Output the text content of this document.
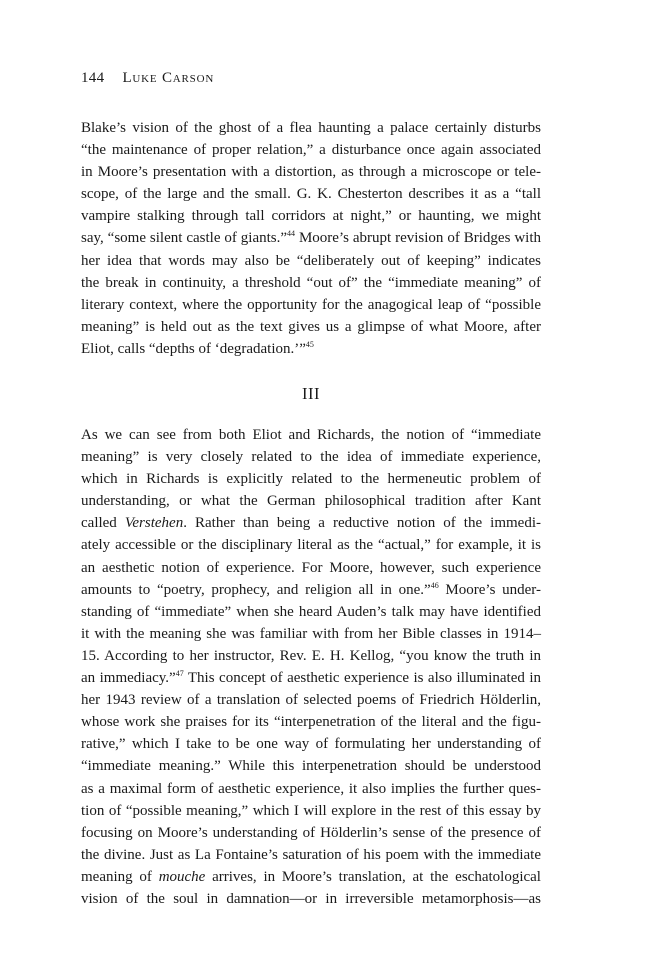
144 Luke Carson
Blake’s vision of the ghost of a flea haunting a palace certainly disturbs
“the maintenance of proper relation,” a disturbance once again associated
in Moore’s presentation with a distortion, as through a microscope or tele-
scope, of the large and the small. G. K. Chesterton describes it as a “tall
vampire stalking through tall corridors at night,” or haunting, we might
say, “some silent castle of giants.”$^{44}$ Moore’s abrupt revision of Bridges with
her idea that words may also be “deliberately out of keeping” indicates
the break in continuity, a threshold “out of” the “immediate meaning” of
literary context, where the opportunity for the anagogical leap of “possible
meaning” is held out as the text gives us a glimpse of what Moore, after
Eliot, calls “depths of ‘degradation.’”$^{45}$
III
As we can see from both Eliot and Richards, the notion of “immediate
meaning” is very closely related to the idea of immediate experience,
which in Richards is explicitly related to the hermeneutic problem of
understanding, or what the German philosophical tradition after Kant
called Verstehen. Rather than being a reductive notion of the immedi-
ately accessible or the disciplinary literal as the “actual,” for example, it is
an aesthetic notion of experience. For Moore, however, such experience
amounts to “poetry, prophecy, and religion all in one.”$^{46}$ Moore’s under-
standing of “immediate” when she heard Auden’s talk may have identified
it with the meaning she was familiar with from her Bible classes in 1914–
15. According to her instructor, Rev. E. H. Kellog, “you know the truth in
an immediacy.”$^{47}$ This concept of aesthetic experience is also illuminated in
her 1943 review of a translation of selected poems of Friedrich Hölderlin,
whose work she praises for its “interpenetration of the literal and the figu-
rative,” which I take to be one way of formulating her understanding of
“immediate meaning.” While this interpenetration should be understood
as a maximal form of aesthetic experience, it also implies the further ques-
tion of “possible meaning,” which I will explore in the rest of this essay by
focusing on Moore’s understanding of Hölderlin’s sense of the presence of
the divine. Just as La Fontaine’s saturation of his poem with the immediate
meaning of mouche arrives, in Moore’s translation, at the eschatological
vision of the soul in damnation—or in irreversible metamorphosis—as
